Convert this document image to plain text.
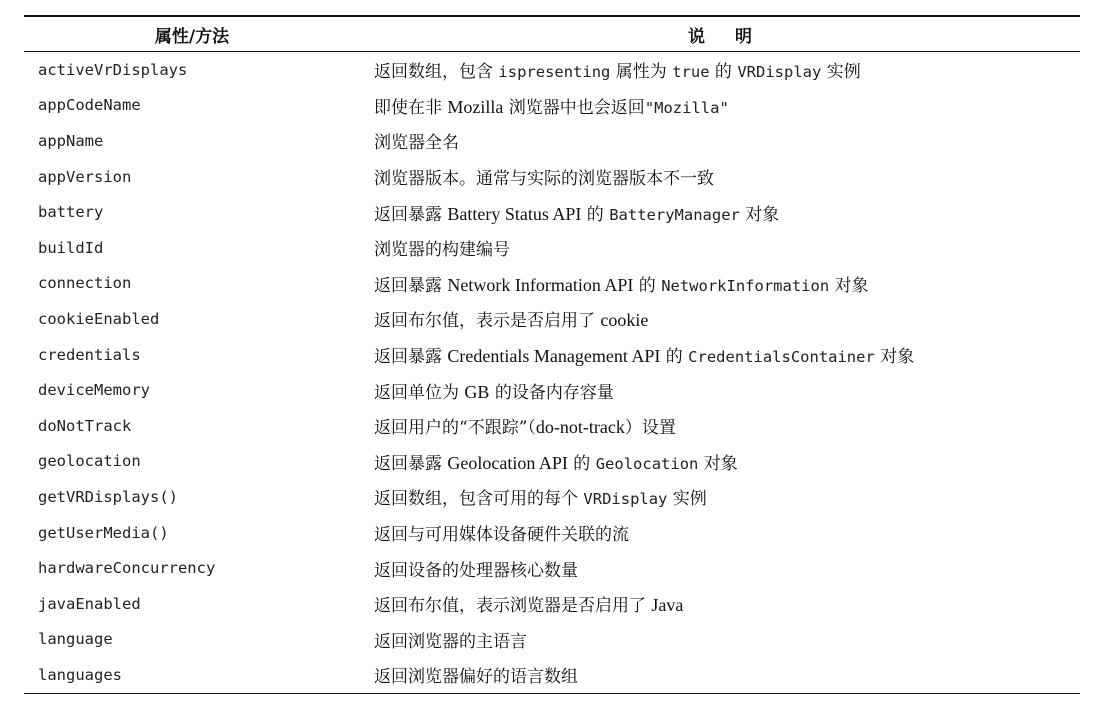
属性/方法	说明
activeVrDisplays	返回数组，包含 ispresenting 属性为 true 的 VRDisplay 实例
appCodeName	即使在非 Mozilla 浏览器中也会返回"Mozilla"
appName	浏览器全名
appVersion	浏览器版本。通常与实际的浏览器版本不一致
battery	返回暴露 Battery Status API 的 BatteryManager 对象
buildId	浏览器的构建编号
connection	返回暴露 Network Information API 的 NetworkInformation 对象
cookieEnabled	返回布尔值，表示是否启用了 cookie
credentials	返回暴露 Credentials Management API 的 CredentialsContainer 对象
deviceMemory	返回单位为 GB 的设备内存容量
doNotTrack	返回用户的“不跟踪”（do-not-track）设置
geolocation	返回暴露 Geolocation API 的 Geolocation 对象
getVRDisplays()	返回数组，包含可用的每个 VRDisplay 实例
getUserMedia()	返回与可用媒体设备硬件关联的流
hardwareConcurrency	返回设备的处理器核心数量
javaEnabled	返回布尔值，表示浏览器是否启用了 Java
language	返回浏览器的主语言
languages	返回浏览器偏好的语言数组
